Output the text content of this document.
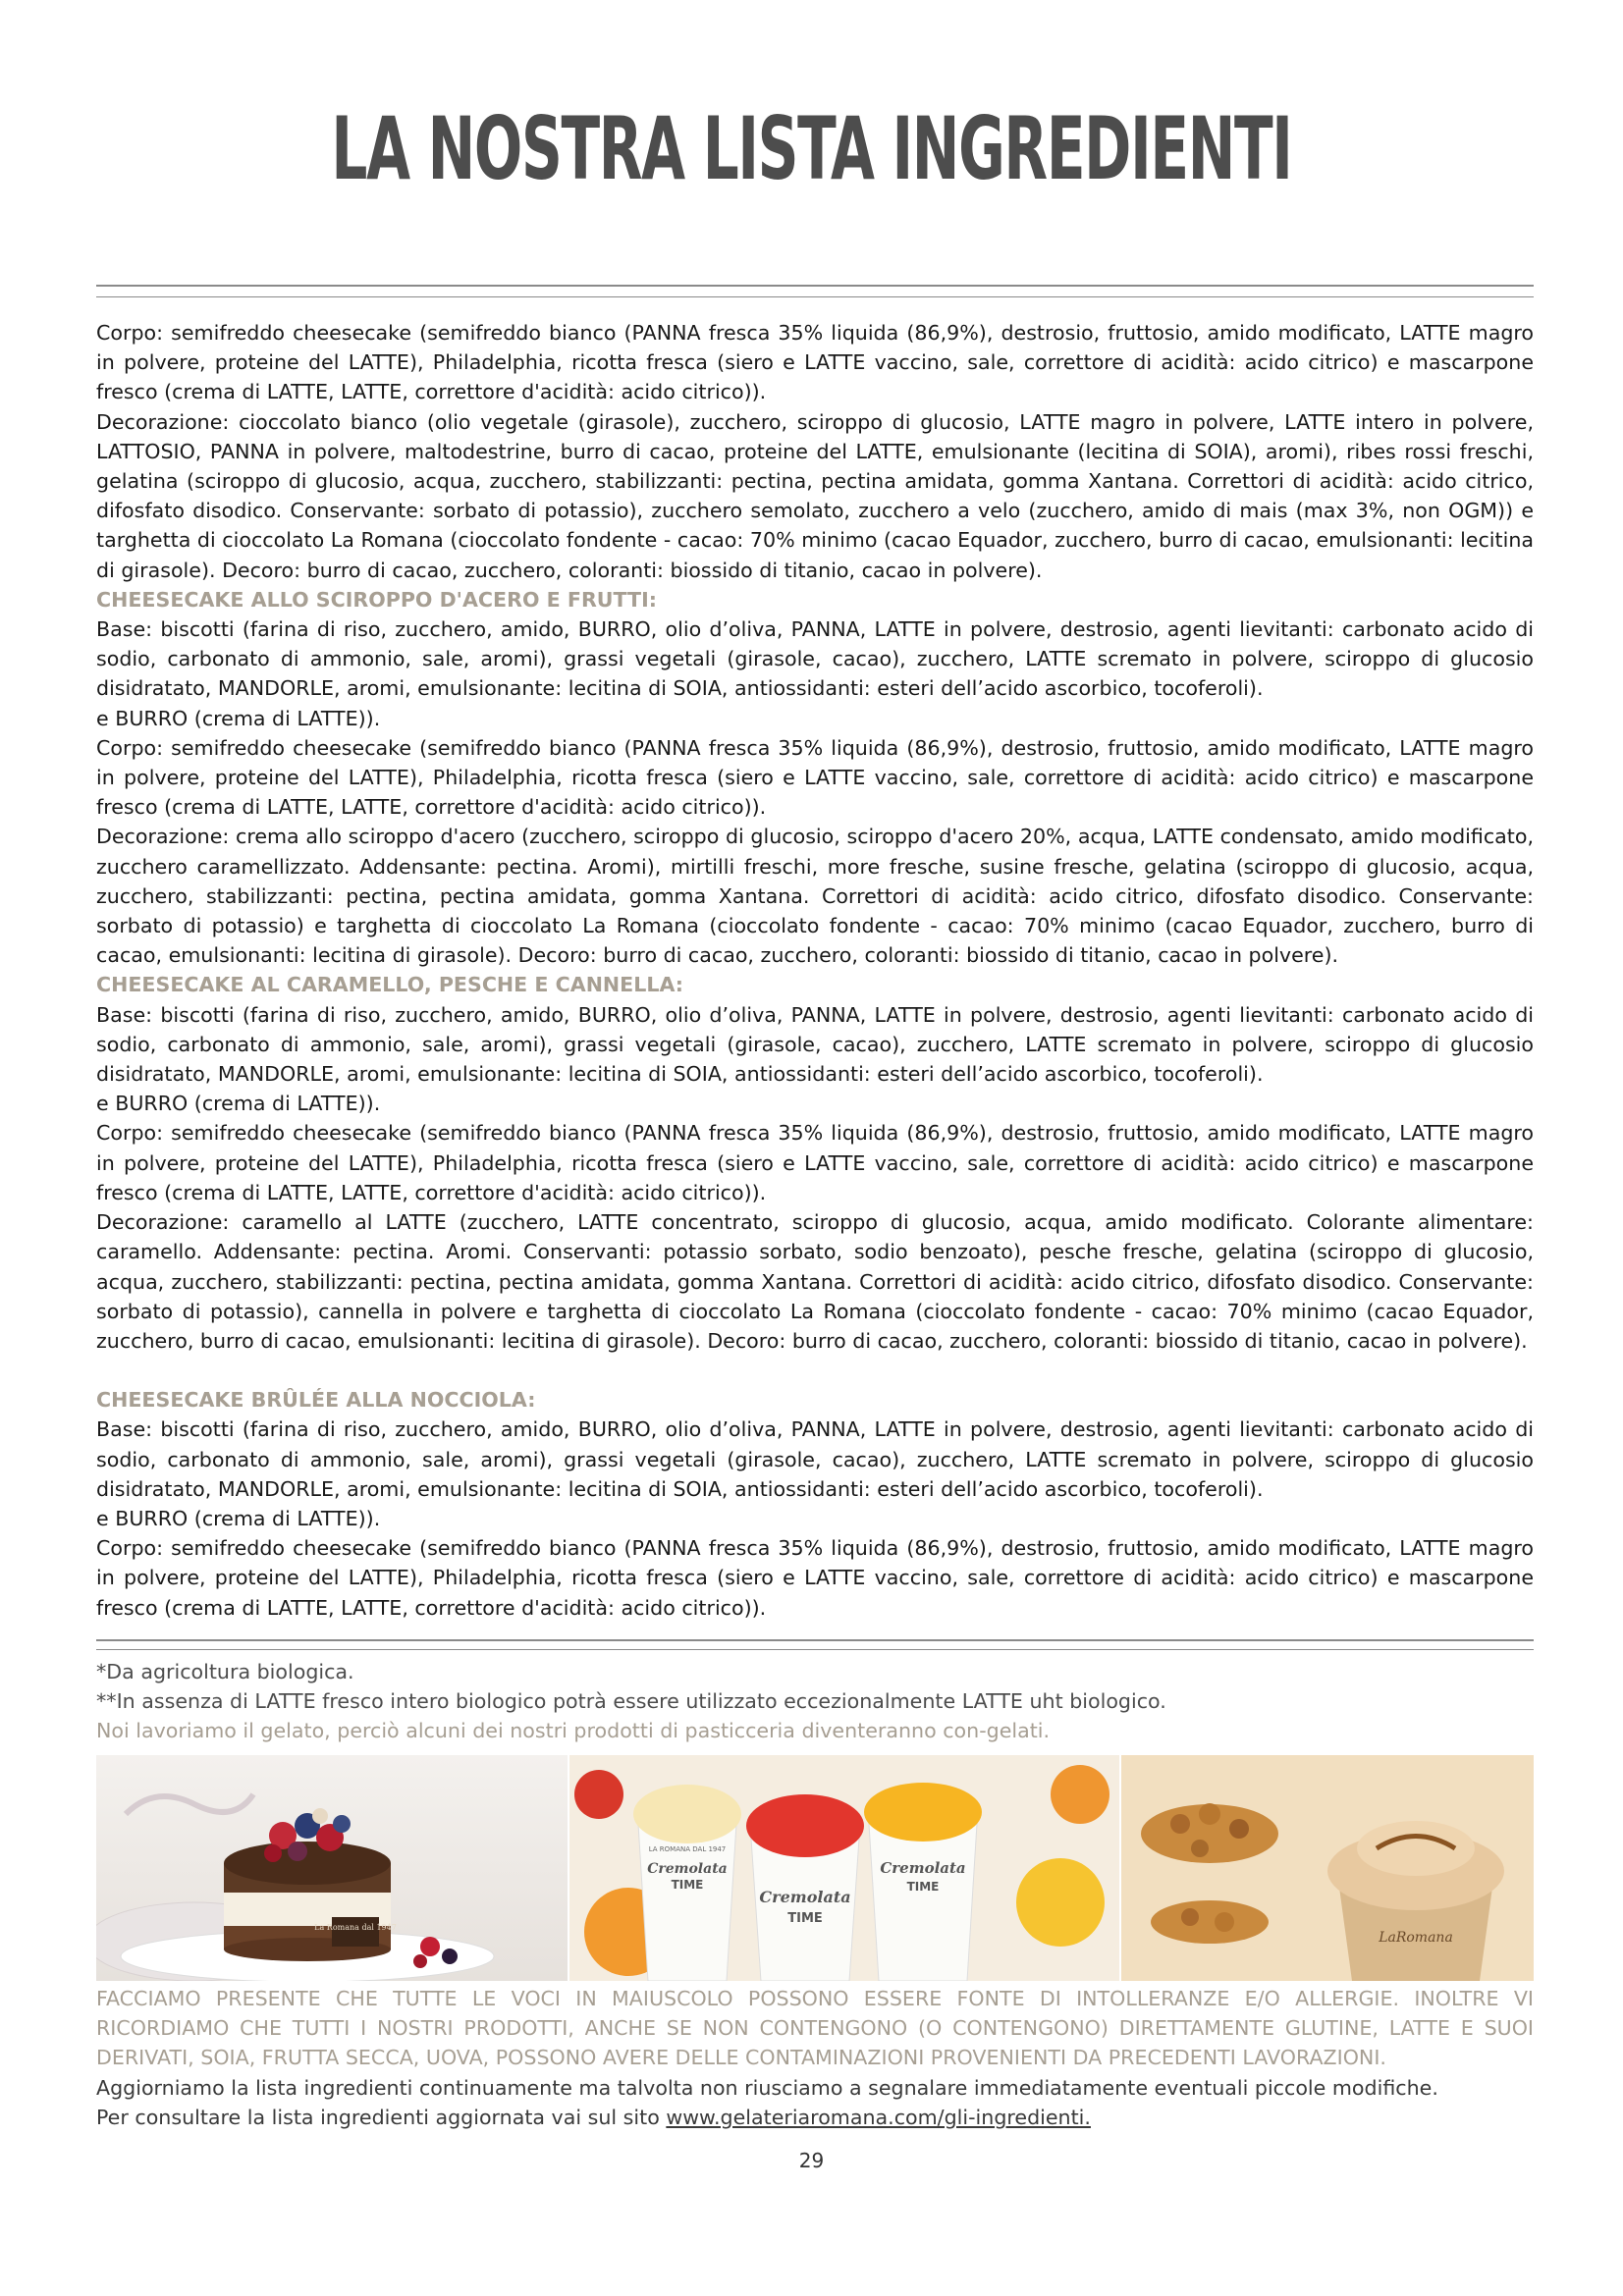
LA NOSTRA LISTA INGREDIENTI

Corpo: semifreddo cheesecake (semifreddo bianco (PANNA fresca 35% liquida (86,9%), destrosio, fruttosio, amido modificato, LATTE magro in polvere, proteine del LATTE), Philadelphia, ricotta fresca (siero e LATTE vaccino, sale, correttore di acidità: acido citrico) e mascarpone fresco (crema di LATTE, LATTE, correttore d'acidità: acido citrico)).

Decorazione: cioccolato bianco (olio vegetale (girasole), zucchero, sciroppo di glucosio, LATTE magro in polvere, LATTE intero in polvere, LATTOSIO, PANNA in polvere, maltodestrine, burro di cacao, proteine del LATTE, emulsionante (lecitina di SOIA), aromi), ribes rossi freschi, gelatina (sciroppo di glucosio, acqua, zucchero, stabilizzanti: pectina, pectina amidata, gomma Xantana. Correttori di acidità: acido citrico, difosfato disodico. Conservante: sorbato di potassio), zucchero semolato, zucchero a velo (zucchero, amido di mais (max 3%, non OGM)) e targhetta di cioccolato La Romana (cioccolato fondente - cacao: 70% minimo (cacao Equador, zucchero, burro di cacao, emulsionanti: lecitina di girasole). Decoro: burro di cacao, zucchero, coloranti: biossido di titanio, cacao in polvere).

CHEESECAKE ALLO SCIROPPO D'ACERO E FRUTTI:

Base: biscotti (farina di riso, zucchero, amido, BURRO, olio d’oliva, PANNA, LATTE in polvere, destrosio, agenti lievitanti: carbonato acido di sodio, carbonato di ammonio, sale, aromi), grassi vegetali (girasole, cacao), zucchero, LATTE scremato in polvere, sciroppo di glucosio disidratato, MANDORLE, aromi, emulsionante: lecitina di SOIA, antiossidanti: esteri dell’acido ascorbico, tocoferoli).

e BURRO (crema di LATTE)).

Corpo: semifreddo cheesecake (semifreddo bianco (PANNA fresca 35% liquida (86,9%), destrosio, fruttosio, amido modificato, LATTE magro in polvere, proteine del LATTE), Philadelphia, ricotta fresca (siero e LATTE vaccino, sale, correttore di acidità: acido citrico) e mascarpone fresco (crema di LATTE, LATTE, correttore d'acidità: acido citrico)).

Decorazione: crema allo sciroppo d'acero (zucchero, sciroppo di glucosio, sciroppo d'acero 20%, acqua, LATTE condensato, amido modificato, zucchero caramellizzato. Addensante: pectina. Aromi), mirtilli freschi, more fresche, susine fresche, gelatina (sciroppo di glucosio, acqua, zucchero, stabilizzanti: pectina, pectina amidata, gomma Xantana. Correttori di acidità: acido citrico, difosfato disodico. Conservante: sorbato di potassio) e targhetta di cioccolato La Romana (cioccolato fondente - cacao: 70% minimo (cacao Equador, zucchero, burro di cacao, emulsionanti: lecitina di girasole). Decoro: burro di cacao, zucchero, coloranti: biossido di titanio, cacao in polvere).

CHEESECAKE AL CARAMELLO, PESCHE E CANNELLA:

Base: biscotti (farina di riso, zucchero, amido, BURRO, olio d’oliva, PANNA, LATTE in polvere, destrosio, agenti lievitanti: carbonato acido di sodio, carbonato di ammonio, sale, aromi), grassi vegetali (girasole, cacao), zucchero, LATTE scremato in polvere, sciroppo di glucosio disidratato, MANDORLE, aromi, emulsionante: lecitina di SOIA, antiossidanti: esteri dell’acido ascorbico, tocoferoli).

e BURRO (crema di LATTE)).

Corpo: semifreddo cheesecake (semifreddo bianco (PANNA fresca 35% liquida (86,9%), destrosio, fruttosio, amido modificato, LATTE magro in polvere, proteine del LATTE), Philadelphia, ricotta fresca (siero e LATTE vaccino, sale, correttore di acidità: acido citrico) e mascarpone fresco (crema di LATTE, LATTE, correttore d'acidità: acido citrico)).

Decorazione: caramello al LATTE (zucchero, LATTE concentrato, sciroppo di glucosio, acqua, amido modificato. Colorante alimentare: caramello. Addensante: pectina. Aromi. Conservanti: potassio sorbato, sodio benzoato), pesche fresche, gelatina (sciroppo di glucosio, acqua, zucchero, stabilizzanti: pectina, pectina amidata, gomma Xantana. Correttori di acidità: acido citrico, difosfato disodico. Conservante: sorbato di potassio), cannella in polvere e targhetta di cioccolato La Romana (cioccolato fondente - cacao: 70% minimo (cacao Equador, zucchero, burro di cacao, emulsionanti: lecitina di girasole). Decoro: burro di cacao, zucchero, coloranti: biossido di titanio, cacao in polvere).

CHEESECAKE BRÛLÉE ALLA NOCCIOLA:

Base: biscotti (farina di riso, zucchero, amido, BURRO, olio d’oliva, PANNA, LATTE in polvere, destrosio, agenti lievitanti: carbonato acido di sodio, carbonato di ammonio, sale, aromi), grassi vegetali (girasole, cacao), zucchero, LATTE scremato in polvere, sciroppo di glucosio disidratato, MANDORLE, aromi, emulsionante: lecitina di SOIA, antiossidanti: esteri dell’acido ascorbico, tocoferoli).

e BURRO (crema di LATTE)).

Corpo: semifreddo cheesecake (semifreddo bianco (PANNA fresca 35% liquida (86,9%), destrosio, fruttosio, amido modificato, LATTE magro in polvere, proteine del LATTE), Philadelphia, ricotta fresca (siero e LATTE vaccino, sale, correttore di acidità: acido citrico) e mascarpone fresco (crema di LATTE, LATTE, correttore d'acidità: acido citrico)).

*Da agricoltura biologica.

**In assenza di LATTE fresco intero biologico potrà essere utilizzato eccezionalmente LATTE uht biologico.

Noi lavoriamo il gelato, perciò alcuni dei nostri prodotti di pasticceria diventeranno con-gelati.

La Romana dal 1947
LA ROMANA DAL 1947
Cremolata
TIME
Cremolata
TIME
Cremolata
TIME
LaRomana

FACCIAMO PRESENTE CHE TUTTE LE VOCI IN MAIUSCOLO POSSONO ESSERE FONTE DI INTOLLERANZE E/O ALLERGIE. INOLTRE VI RICORDIAMO CHE TUTTI I NOSTRI PRODOTTI, ANCHE SE NON CONTENGONO (O CONTENGONO) DIRETTAMENTE GLUTINE, LATTE E SUOI DERIVATI, SOIA, FRUTTA SECCA, UOVA, POSSONO AVERE DELLE CONTAMINAZIONI PROVENIENTI DA PRECEDENTI LAVORAZIONI.

Aggiorniamo la lista ingredienti continuamente ma talvolta non riusciamo a segnalare immediatamente eventuali piccole modifiche.

Per consultare la lista ingredienti aggiornata vai sul sito www.gelateriaromana.com/gli-ingredienti.

29
